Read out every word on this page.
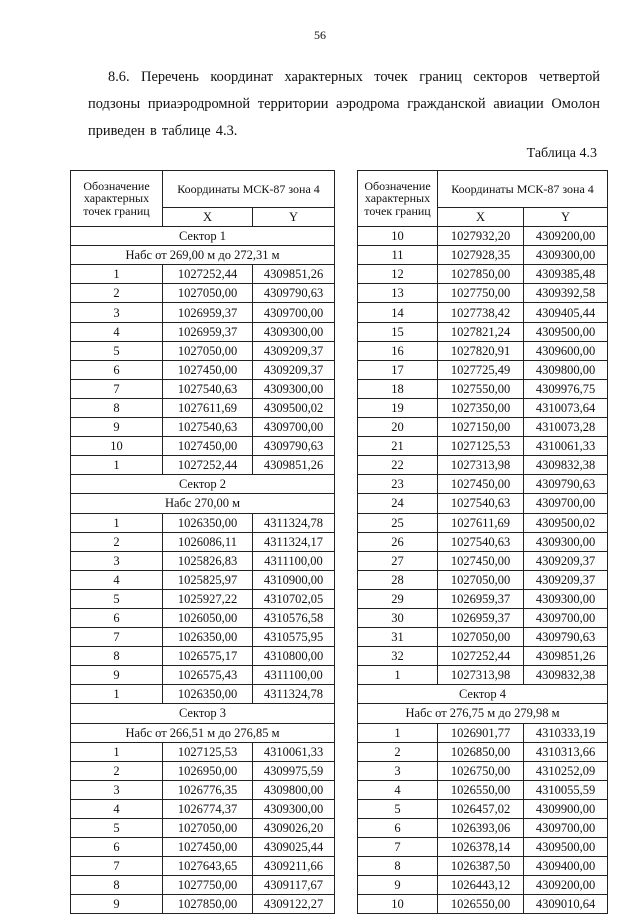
56
8.6. Перечень координат характерных точек границ секторов четвертой подзоны приаэродромной территории аэродрома гражданской авиации Омолон приведен в таблице 4.3.
Таблица 4.3
Обозначение характерных точек границ	Координаты МСК-87 зона 4	
	X	Y
Сектор 1		
Набс от 269,00 м до 272,31 м		
1	1027252,44	4309851,26
2	1027050,00	4309790,63
3	1026959,37	4309700,00
4	1026959,37	4309300,00
5	1027050,00	4309209,37
6	1027450,00	4309209,37
7	1027540,63	4309300,00
8	1027611,69	4309500,02
9	1027540,63	4309700,00
10	1027450,00	4309790,63
1	1027252,44	4309851,26
Сектор 2		
Набс 270,00 м		
1	1026350,00	4311324,78
2	1026086,11	4311324,17
3	1025826,83	4311100,00
4	1025825,97	4310900,00
5	1025927,22	4310702,05
6	1026050,00	4310576,58
7	1026350,00	4310575,95
8	1026575,17	4310800,00
9	1026575,43	4311100,00
1	1026350,00	4311324,78
Сектор 3		
Набс от 266,51 м до 276,85 м		
1	1027125,53	4310061,33
2	1026950,00	4309975,59
3	1026776,35	4309800,00
4	1026774,37	4309300,00
5	1027050,00	4309026,20
6	1027450,00	4309025,44
7	1027643,65	4309211,66
8	1027750,00	4309117,67
9	1027850,00	4309122,27
Обозначение характерных точек границ	Координаты МСК-87 зона 4	
	X	Y
10	1027932,20	4309200,00
11	1027928,35	4309300,00
12	1027850,00	4309385,48
13	1027750,00	4309392,58
14	1027738,42	4309405,44
15	1027821,24	4309500,00
16	1027820,91	4309600,00
17	1027725,49	4309800,00
18	1027550,00	4309976,75
19	1027350,00	4310073,64
20	1027150,00	4310073,28
21	1027125,53	4310061,33
22	1027313,98	4309832,38
23	1027450,00	4309790,63
24	1027540,63	4309700,00
25	1027611,69	4309500,02
26	1027540,63	4309300,00
27	1027450,00	4309209,37
28	1027050,00	4309209,37
29	1026959,37	4309300,00
30	1026959,37	4309700,00
31	1027050,00	4309790,63
32	1027252,44	4309851,26
1	1027313,98	4309832,38
Сектор 4		
Набс от 276,75 м до 279,98 м		
1	1026901,77	4310333,19
2	1026850,00	4310313,66
3	1026750,00	4310252,09
4	1026550,00	4310055,59
5	1026457,02	4309900,00
6	1026393,06	4309700,00
7	1026378,14	4309500,00
8	1026387,50	4309400,00
9	1026443,12	4309200,00
10	1026550,00	4309010,64
